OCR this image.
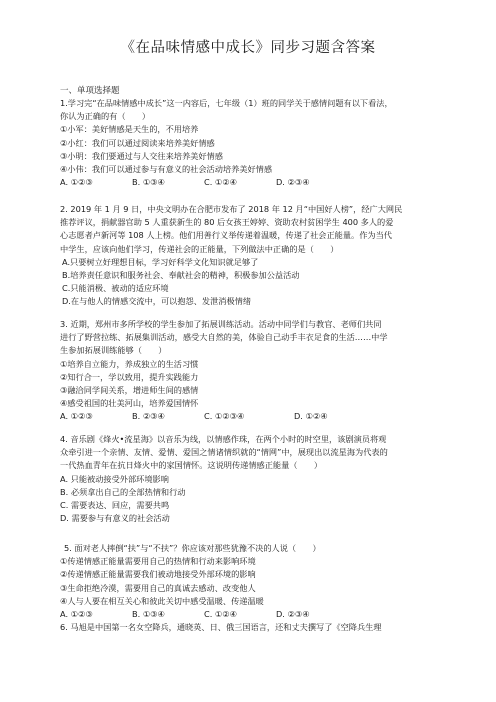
《在品味情感中成长》同步习题含答案
一、单项选择题

1.学习完“在品味情感中成长”这一内容后，七年级（1）班的同学关于感情问题有以下看法，

你认为正确的有（　　）

①小军：美好情感是天生的，不用培养

②小红：我们可以通过阅读来培养美好情感

③小明：我们要通过与人交往来培养美好情感

④小伟：我们可以通过参与有意义的社会活动培养美好情感

A. ①②③	B. ①③④	C. ①②④	D. ②③④

2. 2019 年 1 月 9 日，中央文明办在合肥市发布了 2018 年 12 月“中国好人榜”，经广大网民

推荐评议，捐献器官助 5 人重获新生的 80 后女孩王婷婷、资助农村贫困学生 400 多人的爱

心志愿者卢新河等 108 人上榜。他们用善行义举传递着温暖，传递了社会正能量。作为当代

中学生，应该向他们学习，传递社会的正能量，下列做法中正确的是（　　）

A.只要树立好理想目标，学习好科学文化知识就足够了

B.培养责任意识和服务社会、奉献社会的精神，积极参加公益活动

C.只能消极、被动的适应环境

D.在与他人的情感交流中，可以抱怨、发泄消极情绪

3. 近期，郑州市多所学校的学生参加了拓展训练活动。活动中同学们与教官、老师们共同

进行了野营拉练、拓展集训活动，感受大自然的美，体验自己动手丰衣足食的生活……中学

生参加拓展训练能够（　　）

①培养自立能力，养成独立的生活习惯

②知行合一，学以致用，提升实践能力

③融洽同学间关系，增进师生间的感情

④感受祖国的壮美河山，培养爱国情怀

A. ①②③	B. ②③④	C. ①②③④	D. ①②④

4. 音乐剧《烽火•流星海》以音乐为线，以情感作珠，在两个小时的时空里，该剧演员将观

众牵引进一个亲情、友情、爱情、爱国之情诸情织就的“情网”中，展现出以流星海为代表的

一代热血青年在抗日烽火中的家国情怀。这说明传递情感正能量（　　）

A. 只能被动接受外部环境影响

B. 必须拿出自己的全部热情和行动

C. 需要表达、回应，需要共鸣

D. 需要参与有意义的社会活动

5. 面对老人摔倒“扶”与“不扶”？你应该对那些犹豫不决的人说（　　）

①传递情感正能量需要用自己的热情和行动来影响环境

②传递情感正能量需要我们被动地接受外部环境的影响

③生命拒绝冷漠，需要用自己的真诚去感动、改变他人

④人与人要在相互关心和彼此关切中感受温暖、传递温暖

A. ①②③	B. ①③④	C. ①②④	D. ②③④

6. 马旭是中国第一名女空降兵，通晓英、日、俄三国语言，还和丈夫撰写了《空降兵生理
